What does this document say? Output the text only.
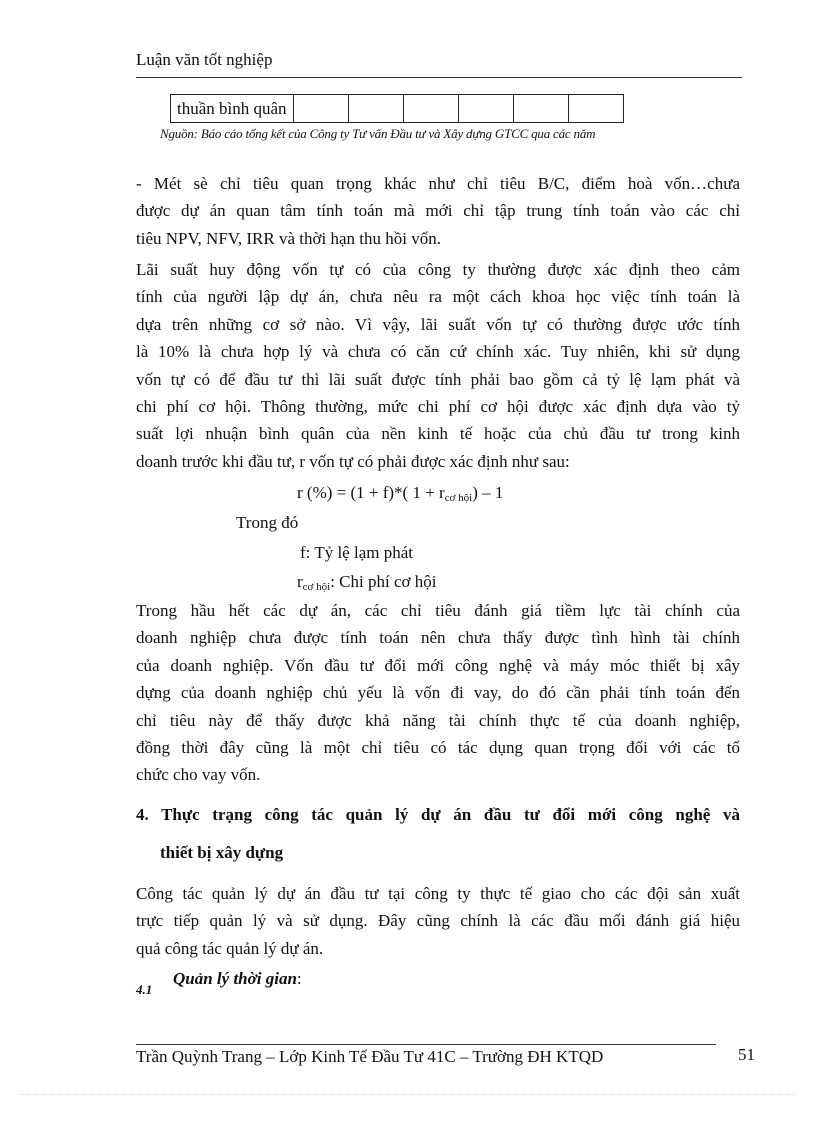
Luận văn tốt nghiệp
thuần bình quân						
Nguồn: Báo cáo tổng kết của Công ty Tư vấn Đầu tư và Xây dựng GTCC qua các năm
- Mét sè chỉ tiêu quan trọng khác như chỉ tiêu B/C, điểm hoà vốn…chưa
được dự án quan tâm tính toán mà mới chỉ tập trung tính toán vào các chỉ
tiêu NPV, NFV, IRR và thời hạn thu hồi vốn.
Lãi suất huy động vốn tự có của công ty thường được xác định theo cảm
tính của người lập dự án, chưa nêu ra một cách khoa học việc tính toán là
dựa trên những cơ sở nào. Vì vậy, lãi suất vốn tự có thường được ước tính
là 10% là chưa hợp lý và chưa có căn cứ chính xác. Tuy nhiên, khi sử dụng
vốn tự có để đầu tư thì lãi suất được tính phải bao gồm cả tỷ lệ lạm phát và
chi phí cơ hội. Thông thường, mức chi phí cơ hội được xác định dựa vào tỷ
suất lợi nhuận bình quân của nền kinh tế hoặc của chủ đầu tư trong kinh
doanh trước khi đầu tư, r vốn tự có phải được xác định như sau:
r (%) = (1 + f)*( $1 + r_{cơ hội}) - 1$
Trong đó
f: Tỷ lệ lạm phát
$r_{cơ hội}$: Chi phí cơ hội
Trong hầu hết các dự án, các chỉ tiêu đánh giá tiềm lực tài chính của
doanh nghiệp chưa được tính toán nên chưa thấy được tình hình tài chính
của doanh nghiệp. Vốn đầu tư đổi mới công nghệ và máy móc thiết bị xây
dựng của doanh nghiệp chủ yếu là vốn đi vay, do đó cần phải tính toán đến
chỉ tiêu này để thấy được khả năng tài chính thực tế của doanh nghiệp,
đồng thời đây cũng là một chỉ tiêu có tác dụng quan trọng đối với các tổ
chức cho vay vốn.
4. Thực trạng công tác quản lý dự án đầu tư đổi mới công nghệ và
thiết bị xây dựng
Công tác quản lý dự án đầu tư tại công ty thực tế giao cho các đội sản xuất
trực tiếp quản lý và sử dụng. Đây cũng chính là các đầu mối đánh giá hiệu
quả công tác quản lý dự án.
4.1
Quản lý thời gian:
Trần Quỳnh Trang – Lớp Kinh Tế Đầu Tư 41C – Trường ĐH KTQD	51
